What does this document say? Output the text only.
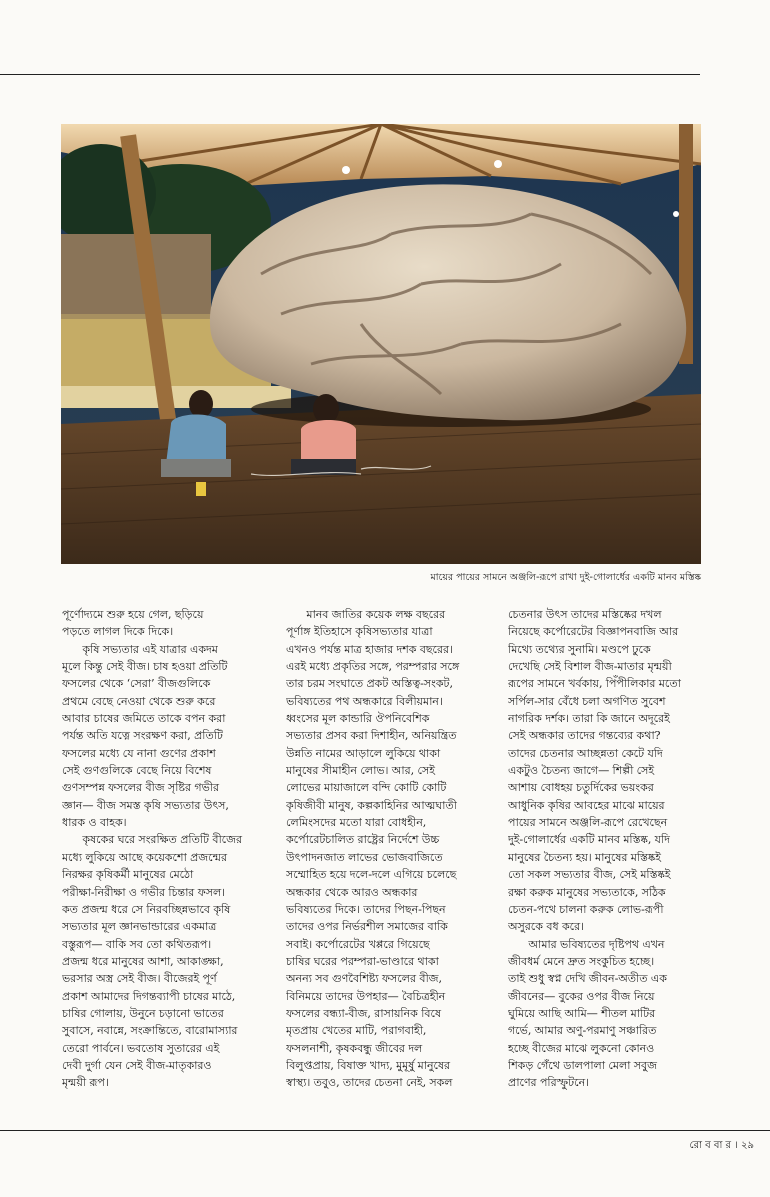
মায়ের পায়ের সামনে অঞ্জলি-রূপে রাখা দুই-গোলার্ধের একটি মানব মস্তিষ্ক

পূর্ণোদ্যমে শুরু হয়ে গেল, ছড়িয়ে

পড়তে লাগল দিকে দিকে।

কৃষি সভ্যতার এই যাত্রার একদম

মূলে কিন্তু সেই বীজ। চাষ হওয়া প্রতিটি

ফসলের থেকে ‘সেরা’ বীজগুলিকে

প্রথমে বেছে নেওয়া থেকে শুরু করে

আবার চাষের জমিতে তাকে বপন করা

পর্যন্ত অতি যত্নে সংরক্ষণ করা, প্রতিটি

ফসলের মধ্যে যে নানা গুণের প্রকাশ

সেই গুণগুলিকে বেছে নিয়ে বিশেষ

গুণসম্পন্ন ফসলের বীজ সৃষ্টির গভীর

জ্ঞান— বীজ সমস্ত কৃষি সভ্যতার উৎস,

ধারক ও বাহক।

কৃষকের ঘরে সংরক্ষিত প্রতিটি বীজের

মধ্যে লুকিয়ে আছে কয়েকশো প্রজন্মের

নিরক্ষর কৃষিকর্মী মানুষের মেঠো

পরীক্ষা-নিরীক্ষা ও গভীর চিন্তার ফসল।

কত প্রজন্ম ধরে সে নিরবচ্ছিন্নভাবে কৃষি

সভ্যতার মূল জ্ঞানভান্ডারের একমাত্র

বস্তুরূপ— বাকি সব তো কথিতরূপ।

প্রজন্ম ধরে মানুষের আশা, আকাঙ্ক্ষা,

ভরসার অস্ত্র সেই বীজ। বীজেরই পূর্ণ

প্রকাশ আমাদের দিগন্তব্যাপী চাষের মাঠে,

চাষির গোলায়, উনুনে চড়ানো ভাতের

সুবাসে, নবান্নে, সংক্রান্তিতে, বারোমাস্যার

তেরো পার্বনে। ভবতোষ সুতারের এই

দেবী দুর্গা যেন সেই বীজ-মাতৃকারও

মৃন্ময়ী রূপ।

মানব জাতির কয়েক লক্ষ বছরের

পূর্ণাঙ্গ ইতিহাসে কৃষিসভ্যতার যাত্রা

এখনও পর্যন্ত মাত্র হাজার দশক বছরের।

এরই মধ্যে প্রকৃতির সঙ্গে, পরম্পরার সঙ্গে

তার চরম সংঘাতে প্রকট অস্তিত্ব-সংকট,

ভবিষ্যতের পথ অন্ধকারে বিলীয়মান।

ধ্বংসের মূল কান্ডারি ঔপনিবেশিক

সভ্যতার প্রসব করা দিশাহীন, অনিয়ন্ত্রিত

উন্নতি নামের আড়ালে লুকিয়ে থাকা

মানুষের সীমাহীন লোভ। আর, সেই

লোভের মায়াজালে বন্দি কোটি কোটি

কৃষিজীবী মানুষ, কল্পকাহিনির আত্মঘাতী

লেমিংসদের মতো যারা বোধহীন,

কর্পোরেটচালিত রাষ্ট্রের নির্দেশে উচ্চ

উৎপাদনজাত লাভের ভোজবাজিতে

সম্মোহিত হয়ে দলে-দলে এগিয়ে চলেছে

অন্ধকার থেকে আরও অন্ধকার

ভবিষ্যতের দিকে। তাদের পিছন-পিছন

তাদের ওপর নির্ভরশীল সমাজের বাকি

সবাই। কর্পোরেটের খপ্পরে গিয়েছে

চাষির ঘরের পরম্পরা-ভাণ্ডারে থাকা

অনন্য সব গুণবৈশিষ্ট্য ফসলের বীজ,

বিনিময়ে তাদের উপহার— বৈচিত্রহীন

ফসলের বন্ধ্যা-বীজ, রাসায়নিক বিষে

মৃতপ্রায় খেতের মাটি, পরাগবাহী,

ফসলনাশী, কৃষকবন্ধু জীবের দল

বিলুপ্তপ্রায়, বিষাক্ত খাদ্য, মুমূর্ষু মানুষের

স্বাস্থ্য। তবুও, তাদের চেতনা নেই, সকল

চেতনার উৎস তাদের মস্তিষ্কের দখল

নিয়েছে কর্পোরেটের বিজ্ঞাপনবাজি আর

মিথ্যে তথ্যের সুনামি। মণ্ডপে ঢুকে

দেখেছি সেই বিশাল বীজ-মাতার মৃন্ময়ী

রূপের সামনে খর্বকায়, পিঁপীলিকার মতো

সর্পিল-সার বেঁধে চলা অগণিত সুবেশ

নাগরিক দর্শক। তারা কি জানে অদূরেই

সেই অন্ধকার তাদের গন্তব্যের কথা?

তাদের চেতনার আচ্ছন্নতা কেটে যদি

একটুও চৈতন্য জাগে— শিল্পী সেই

আশায় বোধহয় চতুর্দিকের ভয়ংকর

আধুনিক কৃষির আবহের মাঝে মায়ের

পায়ের সামনে অঞ্জলি-রূপে রেখেছেন

দুই-গোলার্ধের একটি মানব মস্তিষ্ক, যদি

মানুষের চৈতন্য হয়। মানুষের মস্তিষ্কই

তো সকল সভ্যতার বীজ, সেই মস্তিষ্কই

রক্ষা করুক মানুষের সভ্যতাকে, সঠিক

চেতন-পথে চালনা করুক লোভ-রূপী

অসুরকে বধ করে।

আমার ভবিষ্যতের দৃষ্টিপথ এখন

জীবধর্ম মেনে দ্রুত সংকুচিত হচ্ছে।

তাই শুধু স্বপ্ন দেখি জীবন-অতীত এক

জীবনের— বুকের ওপর বীজ নিয়ে

ঘুমিয়ে আছি আমি— শীতল মাটির

গর্ভে, আমার অণু-পরমাণু সঞ্চারিত

হচ্ছে বীজের মাঝে লুকনো কোনও

শিকড় গেঁথে ডালপালা মেলা সবুজ

প্রাণের পরিস্ফুটনে।

রো ব বা র । ২৯
